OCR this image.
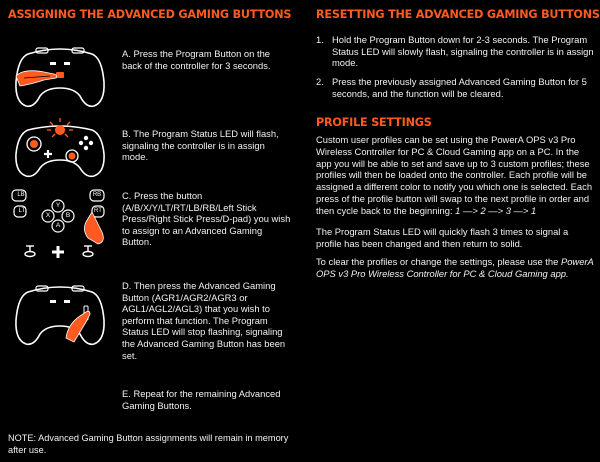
ASSIGNING THE ADVANCED GAMING BUTTONS
LB
LT
RB
RT
Y
X	B
A
A. Press the Program Button on the back of the controller for 3 seconds.
B. The Program Status LED will flash, signaling the controller is in assign mode.
C. Press the button (A/B/X/Y/LT/RT/LB/RB/Left Stick Press/Right Stick Press/D-pad) you wish to assign to an Advanced Gaming Button.
D. Then press the Advanced Gaming Button (AGR1/AGR2/AGR3 or AGL1/AGL2/AGL3) that you wish to perform that function. The Program Status LED will stop flashing, signaling the Advanced Gaming Button has been set.
E. Repeat for the remaining Advanced Gaming Buttons.
NOTE: Advanced Gaming Button assignments will remain in memory after use.
RESETTING THE ADVANCED GAMING BUTTONS
1. Hold the Program Button down for 2-3 seconds. The Program Status LED will slowly flash, signaling the controller is in assign mode.
2. Press the previously assigned Advanced Gaming Button for 5 seconds, and the function will be cleared.
PROFILE SETTINGS
Custom user profiles can be set using the PowerA OPS v3 Pro Wireless Controller for PC & Cloud Gaming app on a PC. In the app you will be able to set and save up to 3 custom profiles; these profiles will then be loaded onto the controller. Each profile will be assigned a different color to notify you which one is selected. Each press of the profile button will swap to the next profile in order and then cycle back to the beginning: 1 —> 2 —> 3 —> 1
The Program Status LED will quickly flash 3 times to signal a profile has been changed and then return to solid.
To clear the profiles or change the settings, please use the PowerA OPS v3 Pro Wireless Controller for PC & Cloud Gaming app.
